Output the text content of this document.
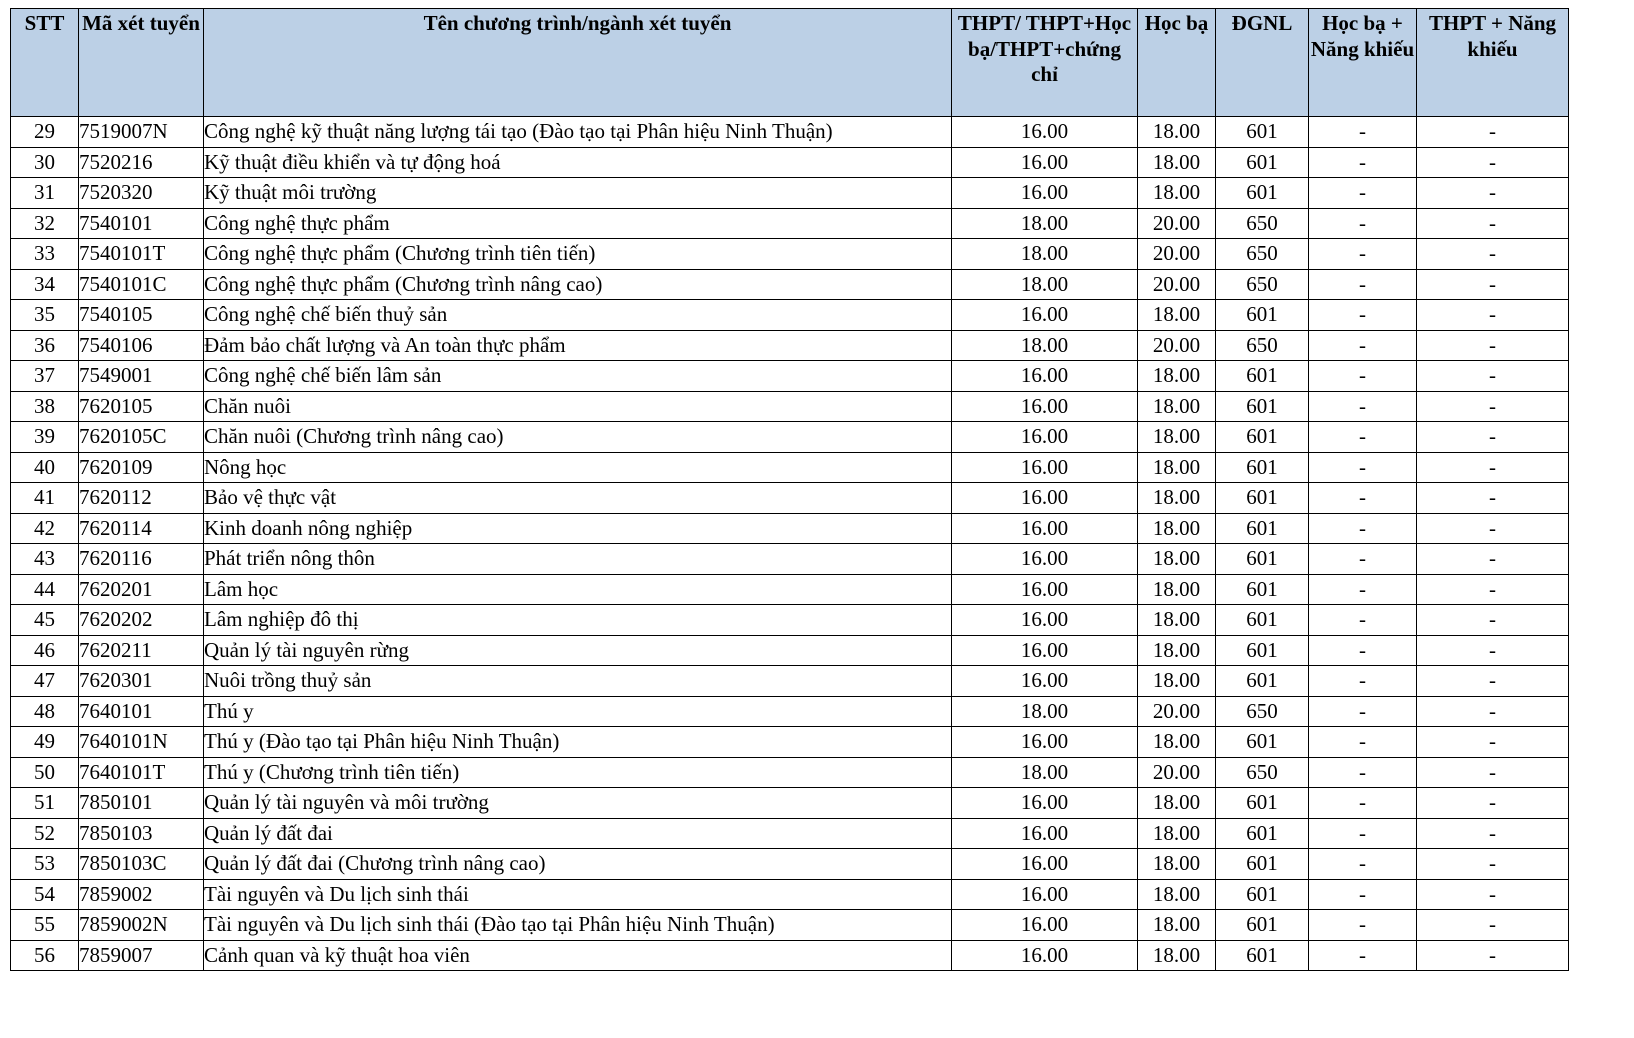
STT	Mã xét tuyển	Tên chương trình/ngành xét tuyển	THPT/ THPT+Học bạ/THPT+chứng chỉ	Học bạ	ĐGNL	Học bạ + Năng khiếu	THPT + Năng khiếu
29	7519007N	Công nghệ kỹ thuật năng lượng tái tạo (Đào tạo tại Phân hiệu Ninh Thuận)	16.00	18.00	601	-	-
30	7520216	Kỹ thuật điều khiển và tự động hoá	16.00	18.00	601	-	-
31	7520320	Kỹ thuật môi trường	16.00	18.00	601	-	-
32	7540101	Công nghệ thực phẩm	18.00	20.00	650	-	-
33	7540101T	Công nghệ thực phẩm (Chương trình tiên tiến)	18.00	20.00	650	-	-
34	7540101C	Công nghệ thực phẩm (Chương trình nâng cao)	18.00	20.00	650	-	-
35	7540105	Công nghệ chế biến thuỷ sản	16.00	18.00	601	-	-
36	7540106	Đảm bảo chất lượng và An toàn thực phẩm	18.00	20.00	650	-	-
37	7549001	Công nghệ chế biến lâm sản	16.00	18.00	601	-	-
38	7620105	Chăn nuôi	16.00	18.00	601	-	-
39	7620105C	Chăn nuôi (Chương trình nâng cao)	16.00	18.00	601	-	-
40	7620109	Nông học	16.00	18.00	601	-	-
41	7620112	Bảo vệ thực vật	16.00	18.00	601	-	-
42	7620114	Kinh doanh nông nghiệp	16.00	18.00	601	-	-
43	7620116	Phát triển nông thôn	16.00	18.00	601	-	-
44	7620201	Lâm học	16.00	18.00	601	-	-
45	7620202	Lâm nghiệp đô thị	16.00	18.00	601	-	-
46	7620211	Quản lý tài nguyên rừng	16.00	18.00	601	-	-
47	7620301	Nuôi trồng thuỷ sản	16.00	18.00	601	-	-
48	7640101	Thú y	18.00	20.00	650	-	-
49	7640101N	Thú y (Đào tạo tại Phân hiệu Ninh Thuận)	16.00	18.00	601	-	-
50	7640101T	Thú y (Chương trình tiên tiến)	18.00	20.00	650	-	-
51	7850101	Quản lý tài nguyên và môi trường	16.00	18.00	601	-	-
52	7850103	Quản lý đất đai	16.00	18.00	601	-	-
53	7850103C	Quản lý đất đai (Chương trình nâng cao)	16.00	18.00	601	-	-
54	7859002	Tài nguyên và Du lịch sinh thái	16.00	18.00	601	-	-
55	7859002N	Tài nguyên và Du lịch sinh thái (Đào tạo tại Phân hiệu Ninh Thuận)	16.00	18.00	601	-	-
56	7859007	Cảnh quan và kỹ thuật hoa viên	16.00	18.00	601	-	-
